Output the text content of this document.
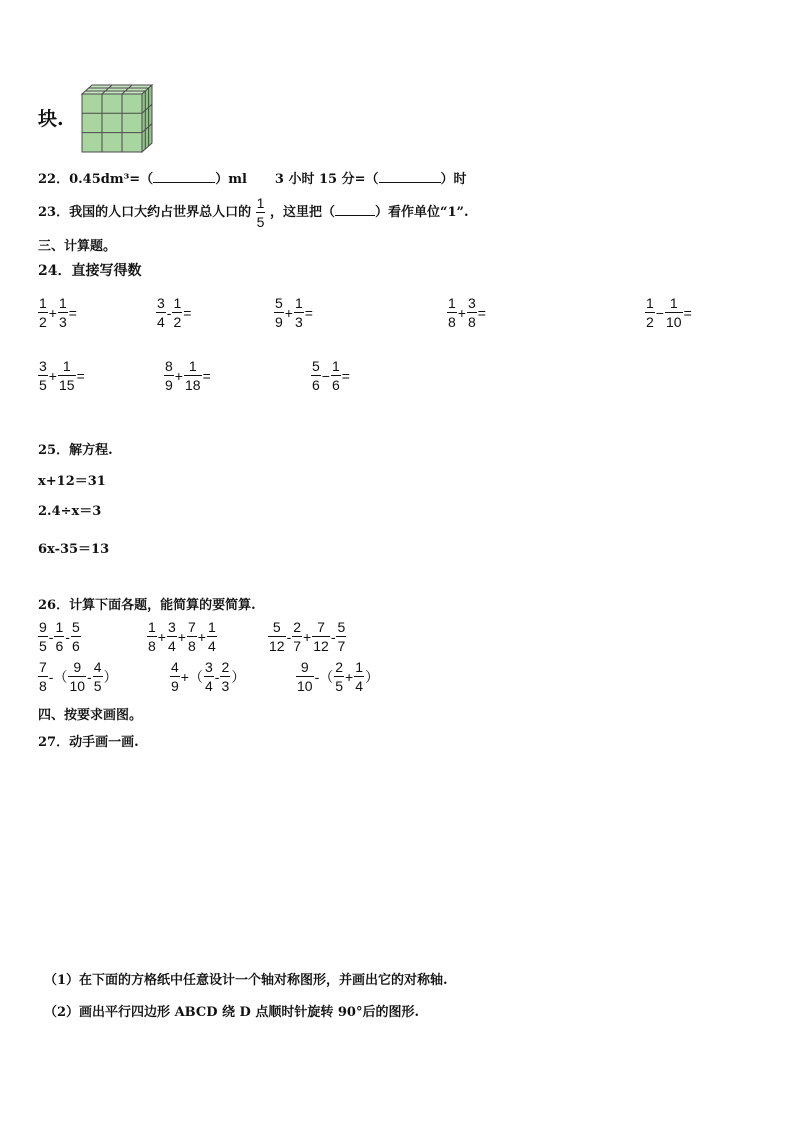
块.
22．0.45dm³=（	）ml 3 小时 15 分=（	）时
23．我国的人口大约占世界总人口的 $\frac{1}{5}$ ，这里把（	）看作单位“1”.
三、计算题。
24．直接写得数
$\frac{1}{2} + \frac{1}{3}$ =	$\frac{3}{4} - \frac{1}{2}$ =	$\frac{5}{9} + \frac{1}{3}$ =	$\frac{1}{8} + \frac{3}{8}$ =	$\frac{1}{2} - \frac{1}{10}$ =
$\frac{3}{5} + \frac{1}{15}$ =	$\frac{8}{9} + \frac{1}{18}$ =	$\frac{5}{6} - \frac{1}{6}$ =
25．解方程.
x+12＝31
2.4÷x＝3
6x-35＝13
26．计算下面各题，能简算的要简算.
$\frac{9}{5} - \frac{1}{6} - \frac{5}{6}$	$\frac{1}{8} + \frac{3}{4} + \frac{7}{8} + \frac{1}{4}$	$\frac{5}{12} - \frac{2}{7} + \frac{7}{12} - \frac{5}{7}$
$\frac{7}{8}$ -（ $\frac{9}{10} - \frac{4}{5}$ ）	$\frac{4}{9}$ +（ $\frac{3}{4} - \frac{2}{3}$ ）	$\frac{9}{10}$ -（ $\frac{2}{5} + \frac{1}{4}$ ）
四、按要求画图。
27．动手画一画.
（1）在下面的方格纸中任意设计一个轴对称图形，并画出它的对称轴.
（2）画出平行四边形 ABCD 绕 D 点顺时针旋转 90°后的图形.
